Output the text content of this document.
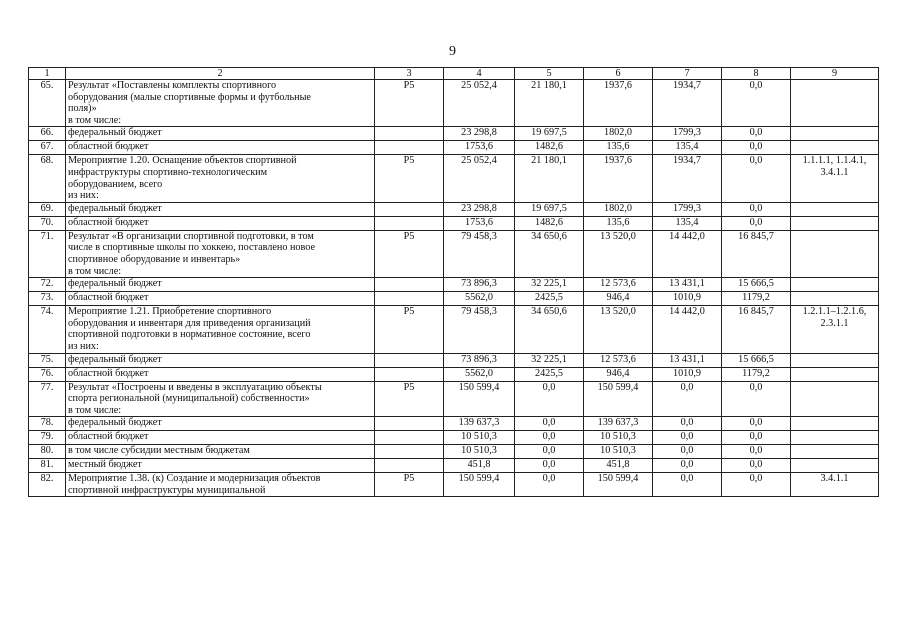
9
1	2	3	4	5	6	7	8	9
65.	Результат «Поставлены комплекты спортивного
оборудования (малые спортивные формы и футбольные
поля)»
в том числе:	Р5	25 052,4	21 180,1	1937,6	1934,7	0,0	
66.	федеральный бюджет		23 298,8	19 697,5	1802,0	1799,3	0,0	
67.	областной бюджет		1753,6	1482,6	135,6	135,4	0,0	
68.	Мероприятие 1.20. Оснащение объектов спортивной
инфраструктуры спортивно-технологическим
оборудованием, всего
из них:	Р5	25 052,4	21 180,1	1937,6	1934,7	0,0	1.1.1.1, 1.1.4.1,
3.4.1.1
69.	федеральный бюджет		23 298,8	19 697,5	1802,0	1799,3	0,0	
70.	областной бюджет		1753,6	1482,6	135,6	135,4	0,0	
71.	Результат «В организации спортивной подготовки, в том
числе в спортивные школы по хоккею, поставлено новое
спортивное оборудование и инвентарь»
в том числе:	Р5	79 458,3	34 650,6	13 520,0	14 442,0	16 845,7	
72.	федеральный бюджет		73 896,3	32 225,1	12 573,6	13 431,1	15 666,5	
73.	областной бюджет		5562,0	2425,5	946,4	1010,9	1179,2	
74.	Мероприятие 1.21. Приобретение спортивного
оборудования и инвентаря для приведения организаций
спортивной подготовки в нормативное состояние, всего
из них:	Р5	79 458,3	34 650,6	13 520,0	14 442,0	16 845,7	1.2.1.1–1.2.1.6,
2.3.1.1
75.	федеральный бюджет		73 896,3	32 225,1	12 573,6	13 431,1	15 666,5	
76.	областной бюджет		5562,0	2425,5	946,4	1010,9	1179,2	
77.	Результат «Построены и введены в эксплуатацию объекты
спорта региональной (муниципальной) собственности»
в том числе:	Р5	150 599,4	0,0	150 599,4	0,0	0,0	
78.	федеральный бюджет		139 637,3	0,0	139 637,3	0,0	0,0	
79.	областной бюджет		10 510,3	0,0	10 510,3	0,0	0,0	
80.	в том числе субсидии местным бюджетам		10 510,3	0,0	10 510,3	0,0	0,0	
81.	местный бюджет		451,8	0,0	451,8	0,0	0,0	
82.	Мероприятие 1.38. (к) Создание и модернизация объектов
спортивной инфраструктуры муниципальной	Р5	150 599,4	0,0	150 599,4	0,0	0,0	3.4.1.1
